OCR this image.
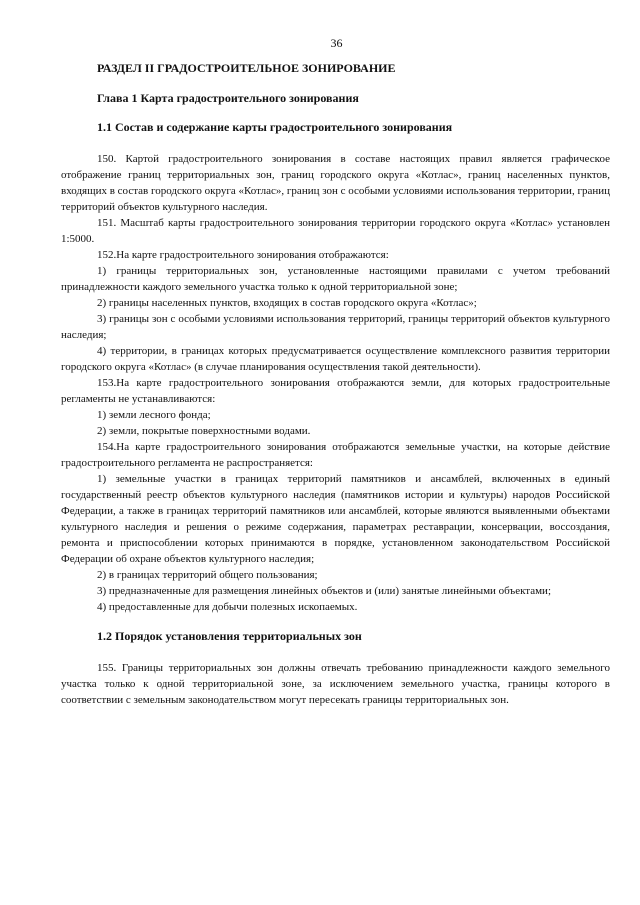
36
РАЗДЕЛ II ГРАДОСТРОИТЕЛЬНОЕ ЗОНИРОВАНИЕ
Глава 1 Карта градостроительного зонирования
1.1 Состав и содержание карты градостроительного зонирования

150. Картой градостроительного зонирования в составе настоящих правил является графическое отображение границ территориальных зон, границ городского округа «Котлас», границ населенных пунктов, входящих в состав городского округа «Котлас», границ зон с особыми условиями использования территории, границ территорий объектов культурного наследия.

151. Масштаб карты градостроительного зонирования территории городского округа «Котлас» установлен 1:5000.

152.На карте градостроительного зонирования отображаются:

1) границы территориальных зон, установленные настоящими правилами с учетом требований принадлежности каждого земельного участка только к одной территориальной зоне;

2) границы населенных пунктов, входящих в состав городского округа «Котлас»;

3) границы зон с особыми условиями использования территорий, границы территорий объектов культурного наследия;

4) территории, в границах которых предусматривается осуществление комплексного развития территории городского округа «Котлас» (в случае планирования осуществления такой деятельности).

153.На карте градостроительного зонирования отображаются земли, для которых градостроительные регламенты не устанавливаются:

1) земли лесного фонда;

2) земли, покрытые поверхностными водами.

154.На карте градостроительного зонирования отображаются земельные участки, на которые действие градостроительного регламента не распространяется:

1) земельные участки в границах территорий памятников и ансамблей, включенных в единый государственный реестр объектов культурного наследия (памятников истории и культуры) народов Российской Федерации, а также в границах территорий памятников или ансамблей, которые являются выявленными объектами культурного наследия и решения о режиме содержания, параметрах реставрации, консервации, воссоздания, ремонта и приспособлении которых принимаются в порядке, установленном законодательством Российской Федерации об охране объектов культурного наследия;

2) в границах территорий общего пользования;

3) предназначенные для размещения линейных объектов и (или) занятые линейными объектами;

4) предоставленные для добычи полезных ископаемых.

1.2 Порядок установления территориальных зон

155. Границы территориальных зон должны отвечать требованию принадлежности каждого земельного участка только к одной территориальной зоне, за исключением земельного участка, границы которого в соответствии с земельным законодательством могут пересекать границы территориальных зон.
